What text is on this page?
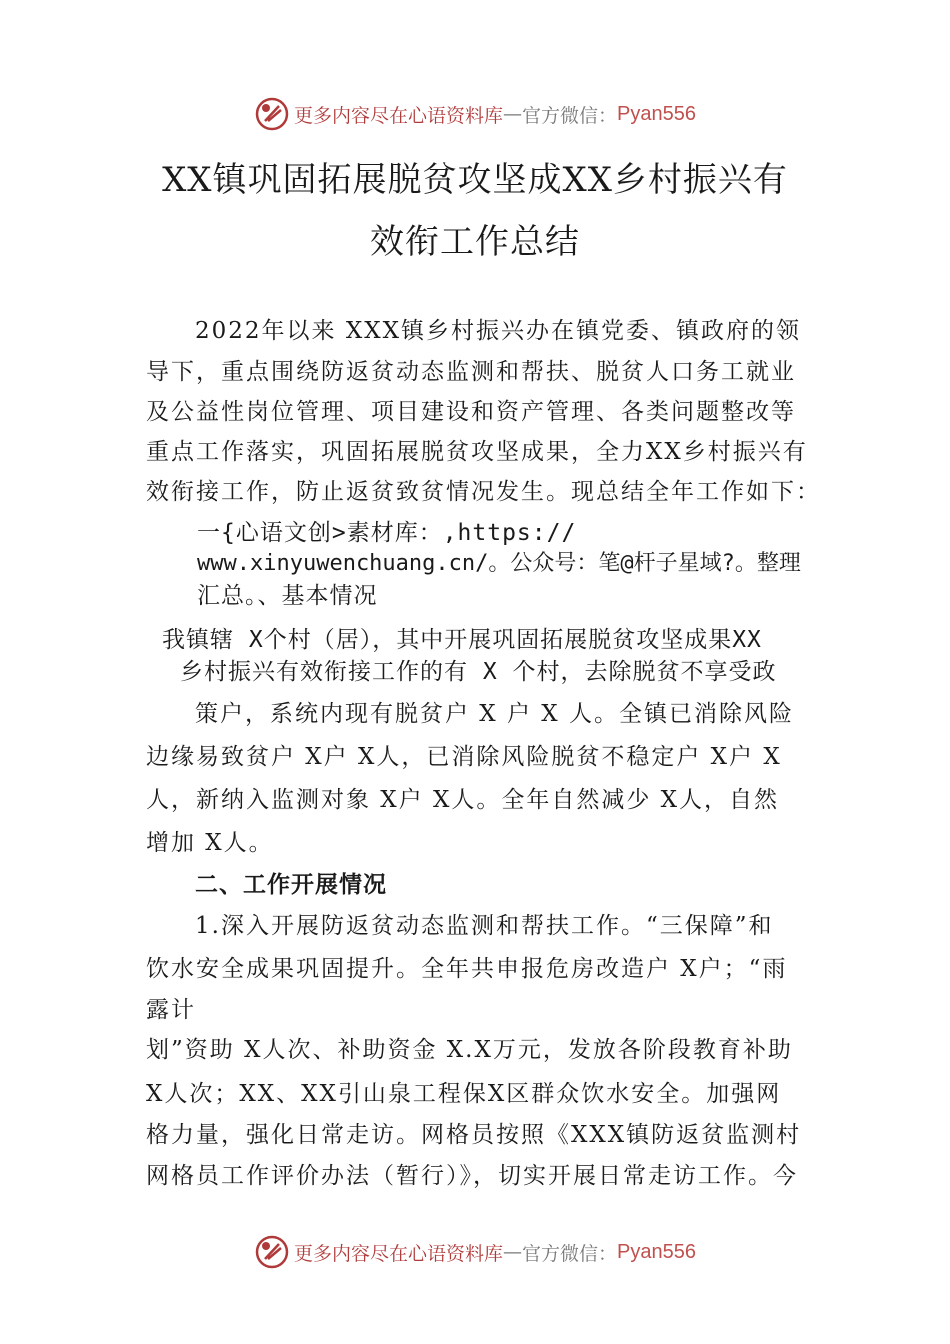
更多内容尽在心语资料库 — 官方微信： Pyan556
XX镇巩固拓展脱贫攻坚成XX乡村振兴有
效衔工作总结
2022年以来 XXX镇乡村振兴办在镇党委、镇政府的领
导下，重点围绕防返贫动态监测和帮扶、脱贫人口务工就业
及公益性岗位管理、项目建设和资产管理、各类问题整改等
重点工作落实，巩固拓展脱贫攻坚成果，全力XX乡村振兴有
效衔接工作，防止返贫致贫情况发生。现总结全年工作如下：
一{心语文创>素材库：,https://
www.xinyuwenchuang.cn/。公众号：笔@杆子星域?。整理
汇总。、基本情况
我镇辖 X个村（居），其中开展巩固拓展脱贫攻坚成果XX
乡村振兴有效衔接工作的有 X 个村，去除脱贫不享受政
策户，系统内现有脱贫户 X 户 X 人。全镇已消除风险
边缘易致贫户 X户 X人，已消除风险脱贫不稳定户 X户 X
人，新纳入监测对象 X户 X人。全年自然减少 X人，自然
增加 X人。
二、工作开展情况
1.深入开展防返贫动态监测和帮扶工作。“三保障”和
饮水安全成果巩固提升。全年共申报危房改造户 X户；“雨
露计
划”资助 X人次、补助资金 X.X万元，发放各阶段教育补助
X人次；XX、XX引山泉工程保X区群众饮水安全。加强网
格力量，强化日常走访。网格员按照《XXX镇防返贫监测村
网格员工作评价办法（暂行）》，切实开展日常走访工作。今
更多内容尽在心语资料库 — 官方微信： Pyan556
